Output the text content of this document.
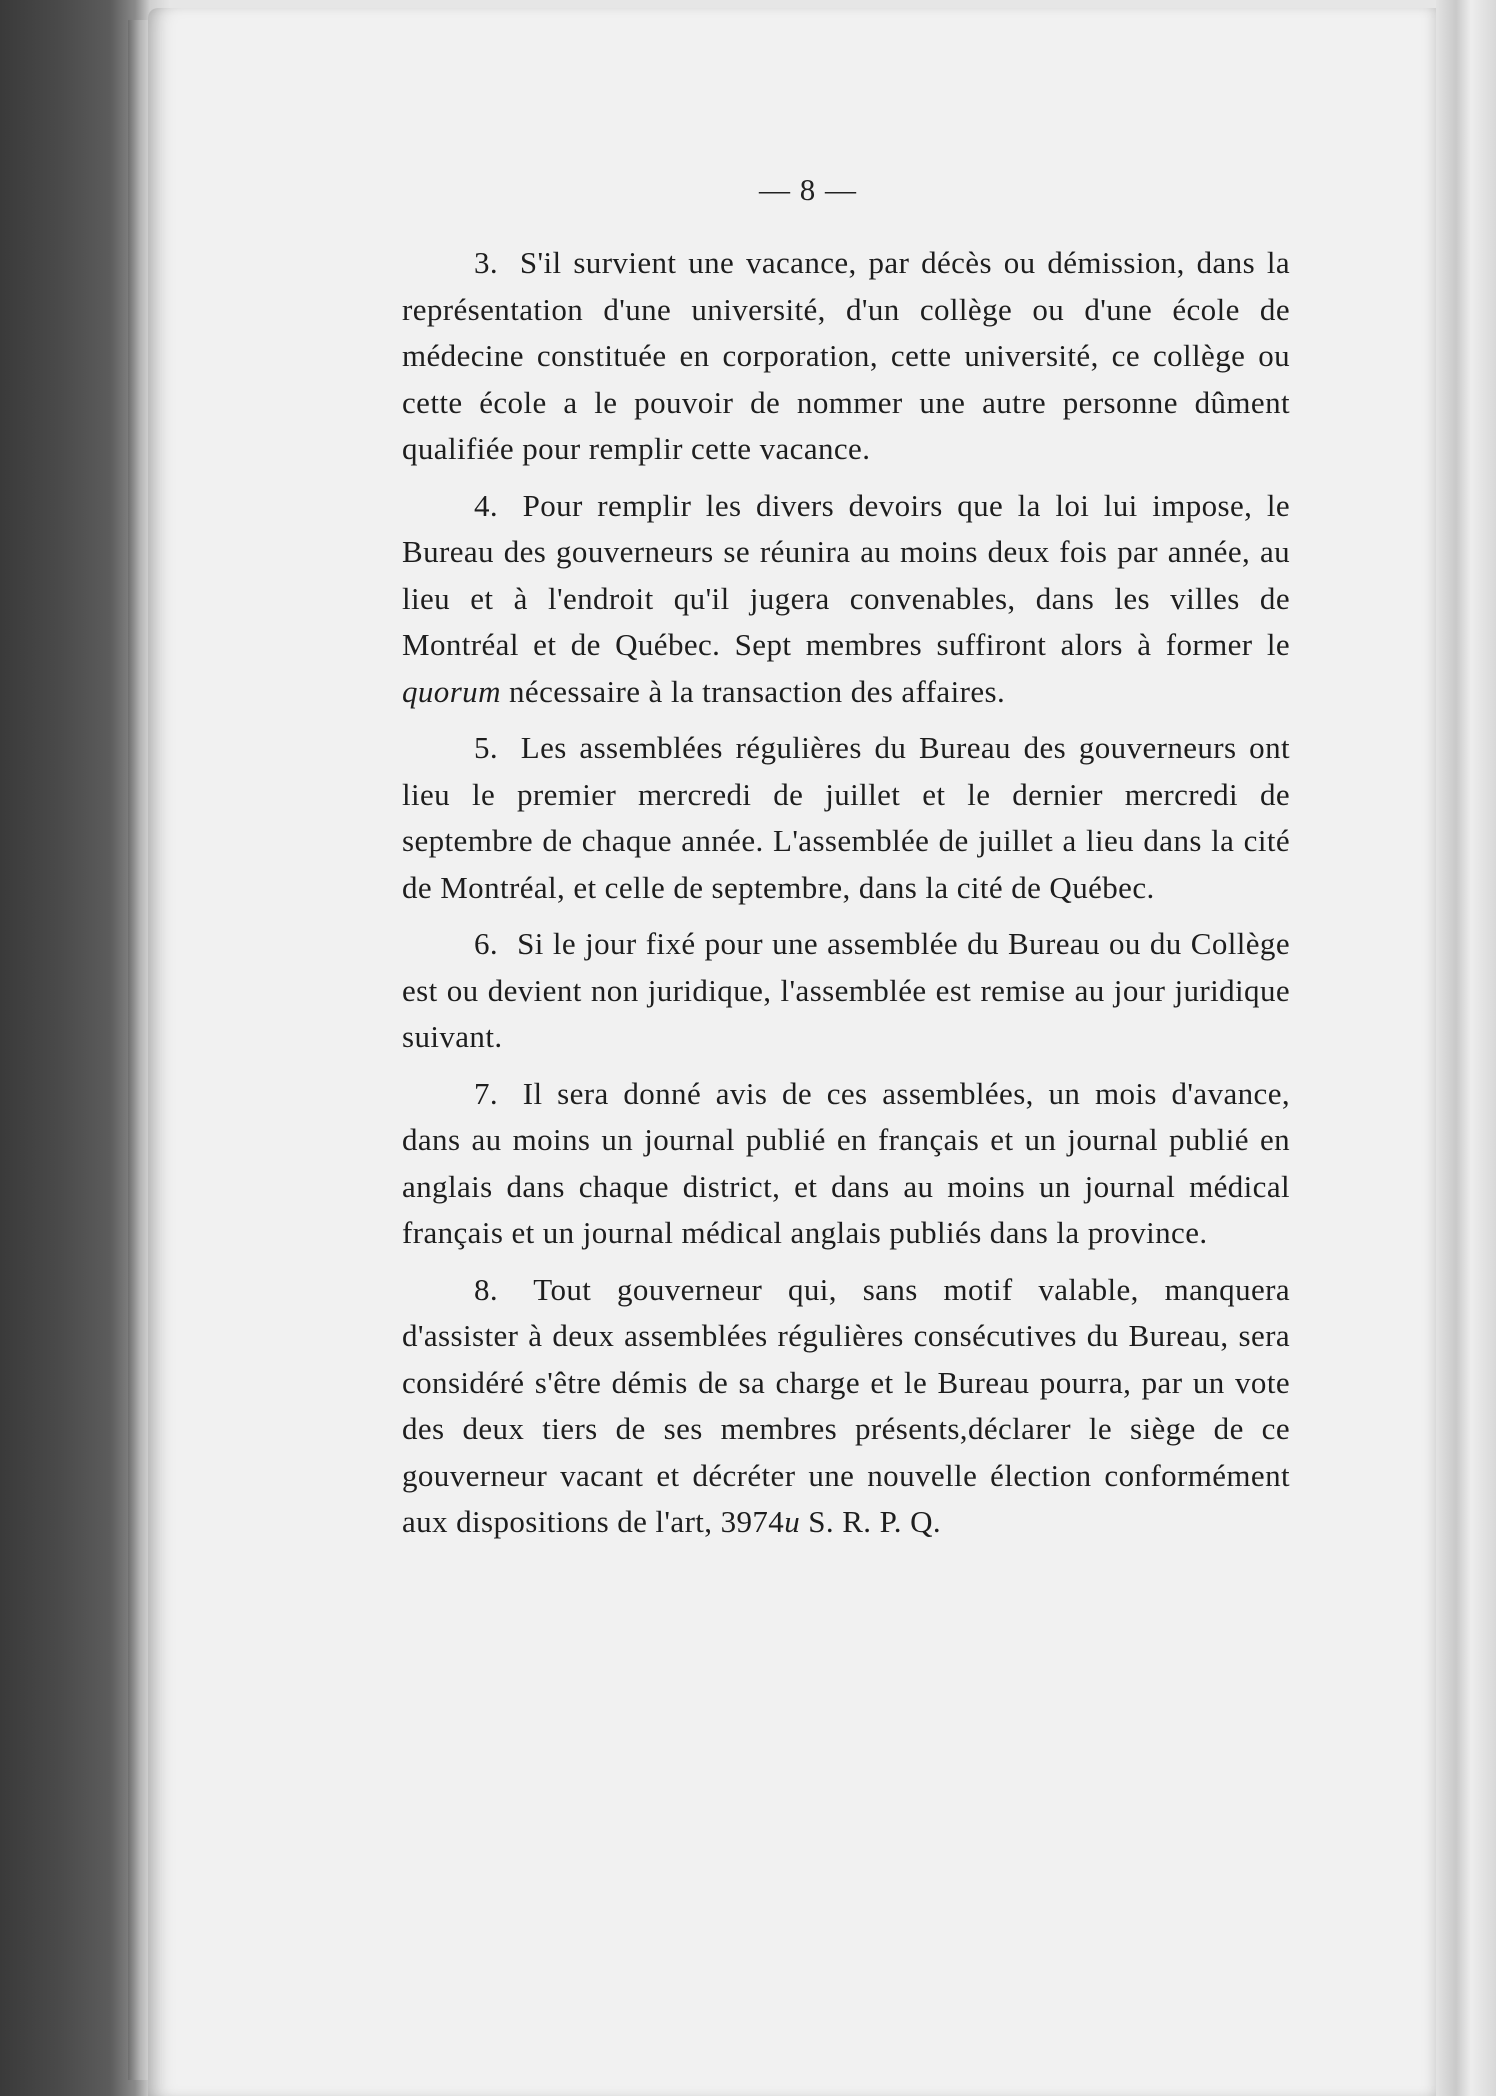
— 8 —

3. S'il survient une vacance, par décès ou démission, dans la représentation d'une université, d'un collège ou d'une école de médecine constituée en corporation, cette université, ce collège ou cette école a le pouvoir de nommer une autre personne dûment qualifiée pour remplir cette vacance.

4. Pour remplir les divers devoirs que la loi lui impose, le Bureau des gouverneurs se réunira au moins deux fois par année, au lieu et à l'endroit qu'il jugera convenables, dans les villes de Montréal et de Québec. Sept membres suffiront alors à former le quorum nécessaire à la transaction des affaires.

5. Les assemblées régulières du Bureau des gouverneurs ont lieu le premier mercredi de juillet et le dernier mercredi de septembre de chaque année. L'assemblée de juillet a lieu dans la cité de Montréal, et celle de septembre, dans la cité de Québec.

6. Si le jour fixé pour une assemblée du Bureau ou du Collège est ou devient non juridique, l'assemblée est remise au jour juridique suivant.

7. Il sera donné avis de ces assemblées, un mois d'avance, dans au moins un journal publié en français et un journal publié en anglais dans chaque district, et dans au moins un journal médical français et un journal médical anglais publiés dans la province.

8. Tout gouverneur qui, sans motif valable, manquera d'assister à deux assemblées régulières consécutives du Bureau, sera considéré s'être démis de sa charge et le Bureau pourra, par un vote des deux tiers de ses membres présents,déclarer le siège de ce gouverneur vacant et décréter une nouvelle élection conformément aux dispositions de l'art, 3974u S. R. P. Q.
